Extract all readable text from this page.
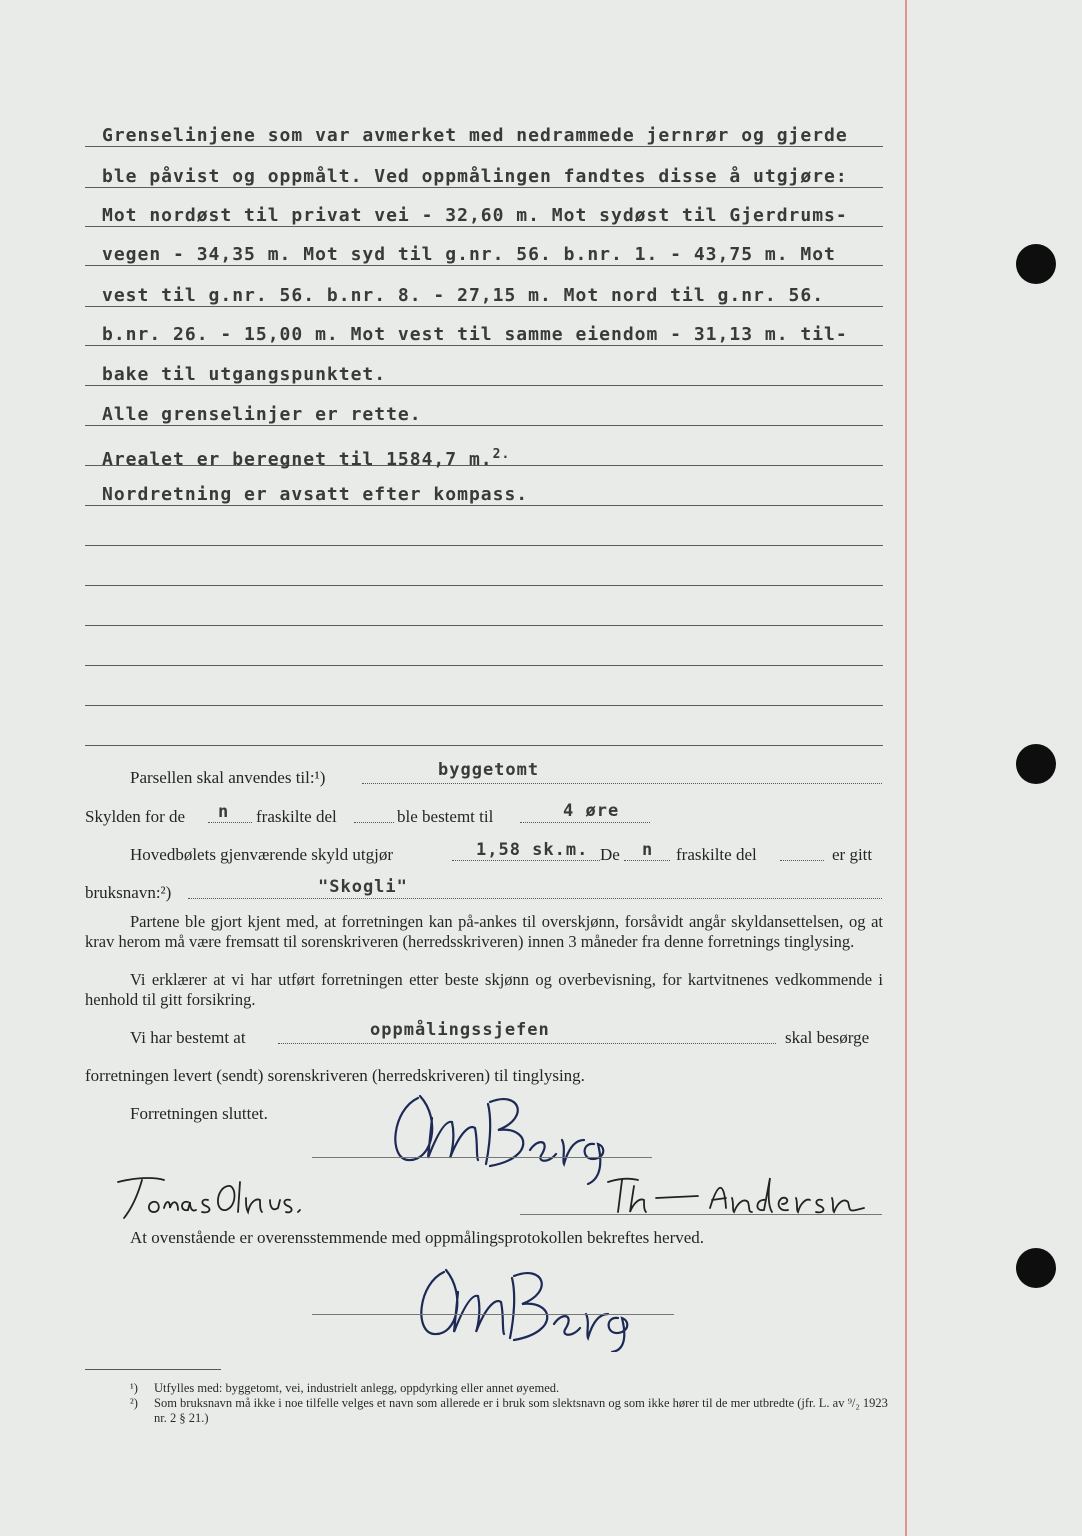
Grenselinjene som var avmerket med nedrammede jernrør og gjerde
ble påvist og oppmålt. Ved oppmålingen fandtes disse å utgjøre:
Mot nordøst til privat vei - 32,60 m. Mot sydøst til Gjerdrums-
vegen - 34,35 m. Mot syd til g.nr. 56. b.nr. 1. - 43,75 m. Mot
vest til g.nr. 56. b.nr. 8. - 27,15 m. Mot nord til g.nr. 56.
b.nr. 26. - 15,00 m. Mot vest til samme eiendom - 31,13 m. til-
bake til utgangspunktet.
Alle grenselinjer er rette.
Arealet er beregnet til 1584,7 m.$^{2.}$
Nordretning er avsatt efter kompass.
Parsellen skal anvendes til:¹)	byggetomt
Skylden for de n fraskilte del	ble bestemt til	4 øre
Hovedbølets gjenværende skyld utgjør	1,58 sk.m. De n fraskilte del	er gitt
bruksnavn:²)	"Skogli"

Partene ble gjort kjent med, at forretningen kan på-ankes til overskjønn, forsåvidt angår skyldansettelsen, og at krav herom må være fremsatt til sorenskriveren (herredsskriveren) innen 3 måneder fra denne forretnings tinglysing.

Vi erklærer at vi har utført forretningen etter beste skjønn og overbevisning, for kartvitnenes vedkommende i henhold til gitt forsikring.

Vi har bestemt at	oppmålingssjefen	skal besørge
forretningen levert (sendt) sorenskriveren (herredskriveren) til tinglysing.
Forretningen sluttet.
At ovenstående er overensstemmende med oppmålingsprotokollen bekreftes herved.
¹)	Utfylles med: byggetomt, vei, industrielt anlegg, oppdyrking eller annet øyemed.
²)	Som bruksnavn må ikke i noe tilfelle velges et navn som allerede er i bruk som slektsnavn og som ikke hører til de mer utbredte (jfr. L. av ⁹/₂ 1923 nr. 2 § 21.)
